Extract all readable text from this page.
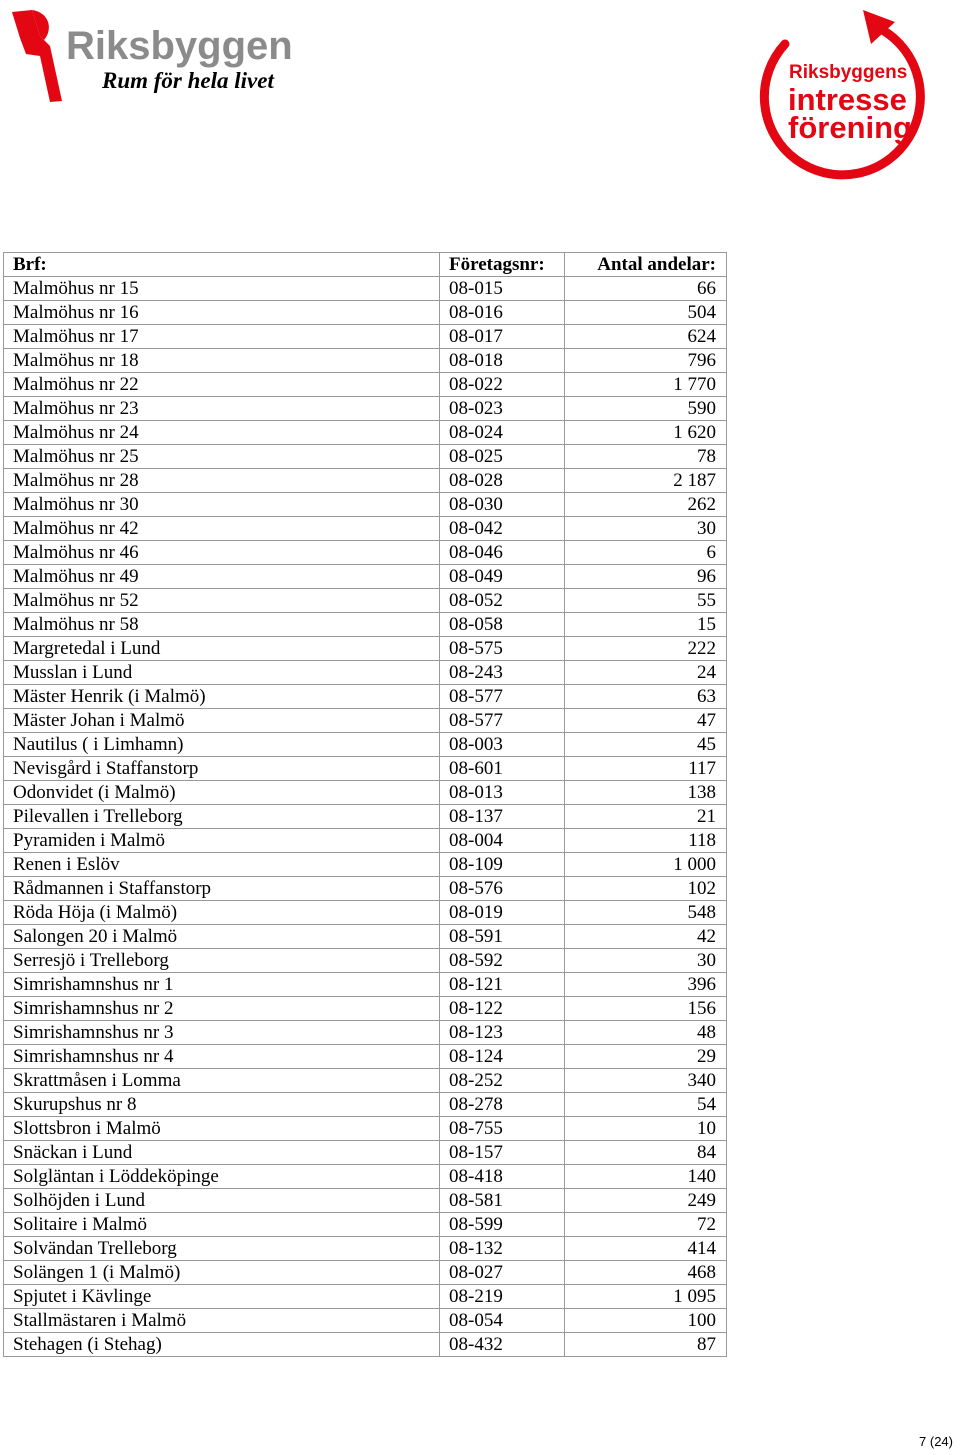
Riksbyggen
Rum för hela livet	Riksbyggens
intresse
förening
Brf:	Företagsnr:	Antal andelar:
Malmöhus nr 15	08-015	66
Malmöhus nr 16	08-016	504
Malmöhus nr 17	08-017	624
Malmöhus nr 18	08-018	796
Malmöhus nr 22	08-022	1 770
Malmöhus nr 23	08-023	590
Malmöhus nr 24	08-024	1 620
Malmöhus nr 25	08-025	78
Malmöhus nr 28	08-028	2 187
Malmöhus nr 30	08-030	262
Malmöhus nr 42	08-042	30
Malmöhus nr 46	08-046	6
Malmöhus nr 49	08-049	96
Malmöhus nr 52	08-052	55
Malmöhus nr 58	08-058	15
Margretedal i Lund	08-575	222
Musslan i Lund	08-243	24
Mäster Henrik (i Malmö)	08-577	63
Mäster Johan i Malmö	08-577	47
Nautilus ( i Limhamn)	08-003	45
Nevisgård i Staffanstorp	08-601	117
Odonvidet (i Malmö)	08-013	138
Pilevallen i Trelleborg	08-137	21
Pyramiden i Malmö	08-004	118
Renen i Eslöv	08-109	1 000
Rådmannen i Staffanstorp	08-576	102
Röda Höja (i Malmö)	08-019	548
Salongen 20 i Malmö	08-591	42
Serresjö i Trelleborg	08-592	30
Simrishamnshus nr 1	08-121	396
Simrishamnshus nr 2	08-122	156
Simrishamnshus nr 3	08-123	48
Simrishamnshus nr 4	08-124	29
Skrattmåsen i Lomma	08-252	340
Skurupshus nr 8	08-278	54
Slottsbron i Malmö	08-755	10
Snäckan i Lund	08-157	84
Solgläntan i Löddeköpinge	08-418	140
Solhöjden i Lund	08-581	249
Solitaire i Malmö	08-599	72
Solvändan Trelleborg	08-132	414
Solängen 1 (i Malmö)	08-027	468
Spjutet i Kävlinge	08-219	1 095
Stallmästaren i Malmö	08-054	100
Stehagen (i Stehag)	08-432	87
7 (24)
